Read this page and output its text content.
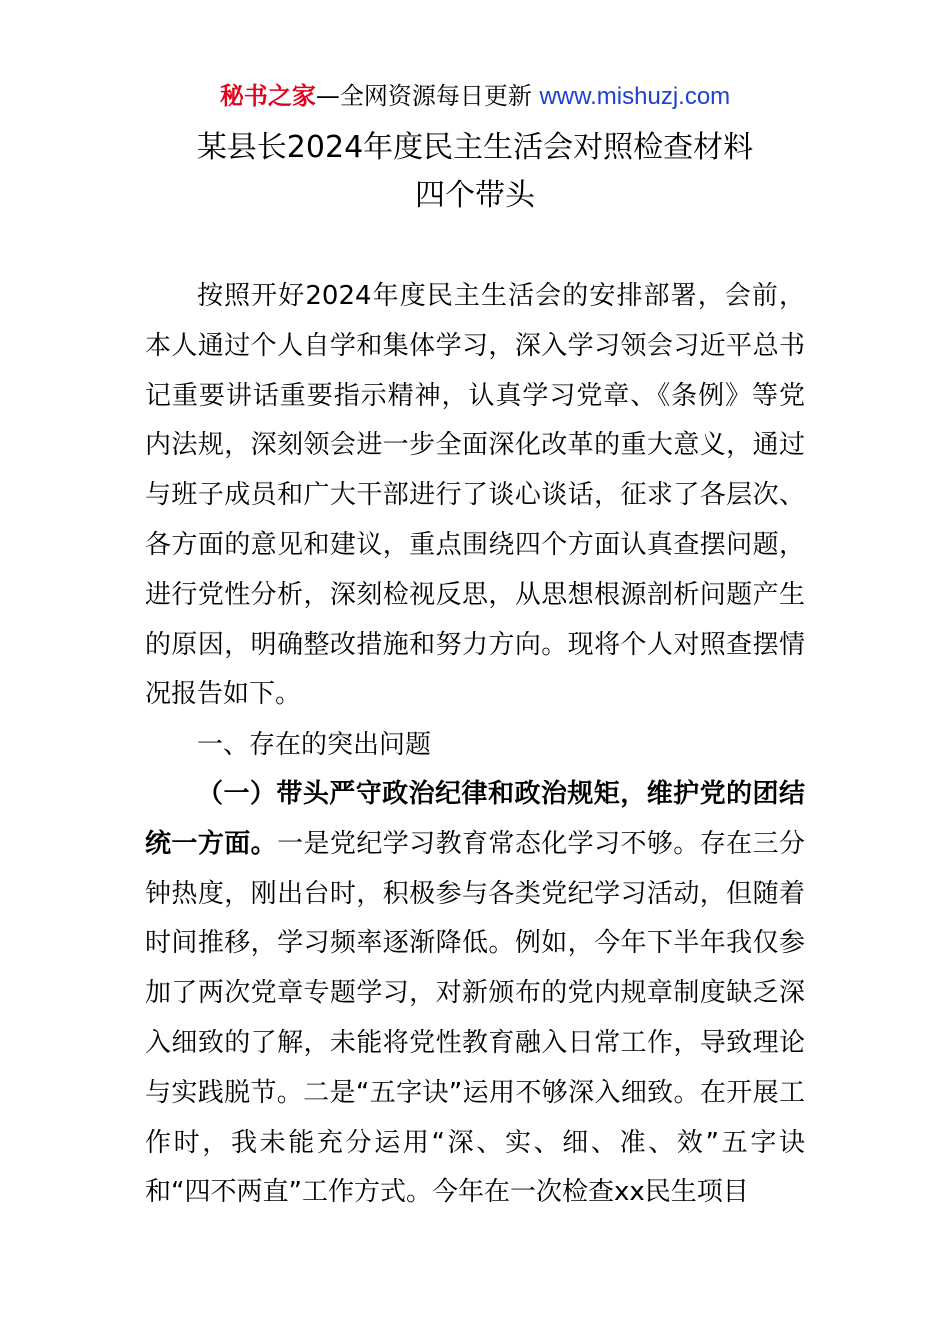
秘书之家—全网资源每日更新 www.mishuzj.com
某县长2024年度民主生活会对照检查材料
四个带头

按照开好2024年度民主生活会的安排部署，会前，本人通过个人自学和集体学习，深入学习领会习近平总书记重要讲话重要指示精神，认真学习党章、《条例》等党内法规，深刻领会进一步全面深化改革的重大意义，通过与班子成员和广大干部进行了谈心谈话，征求了各层次、各方面的意见和建议，重点围绕四个方面认真查摆问题，进行党性分析，深刻检视反思，从思想根源剖析问题产生的原因，明确整改措施和努力方向。现将个人对照查摆情况报告如下。

一、存在的突出问题

（一）带头严守政治纪律和政治规矩，维护党的团结统一方面。一是党纪学习教育常态化学习不够。存在三分钟热度，刚出台时，积极参与各类党纪学习活动，但随着时间推移，学习频率逐渐降低。例如，今年下半年我仅参加了两次党章专题学习，对新颁布的党内规章制度缺乏深入细致的了解，未能将党性教育融入日常工作，导致理论与实践脱节。二是“五字诀”运用不够深入细致。在开展工作时，我未能充分运用“深、实、细、准、效”五字诀和“四不两直”工作方式。今年在一次检查xx民生项目
